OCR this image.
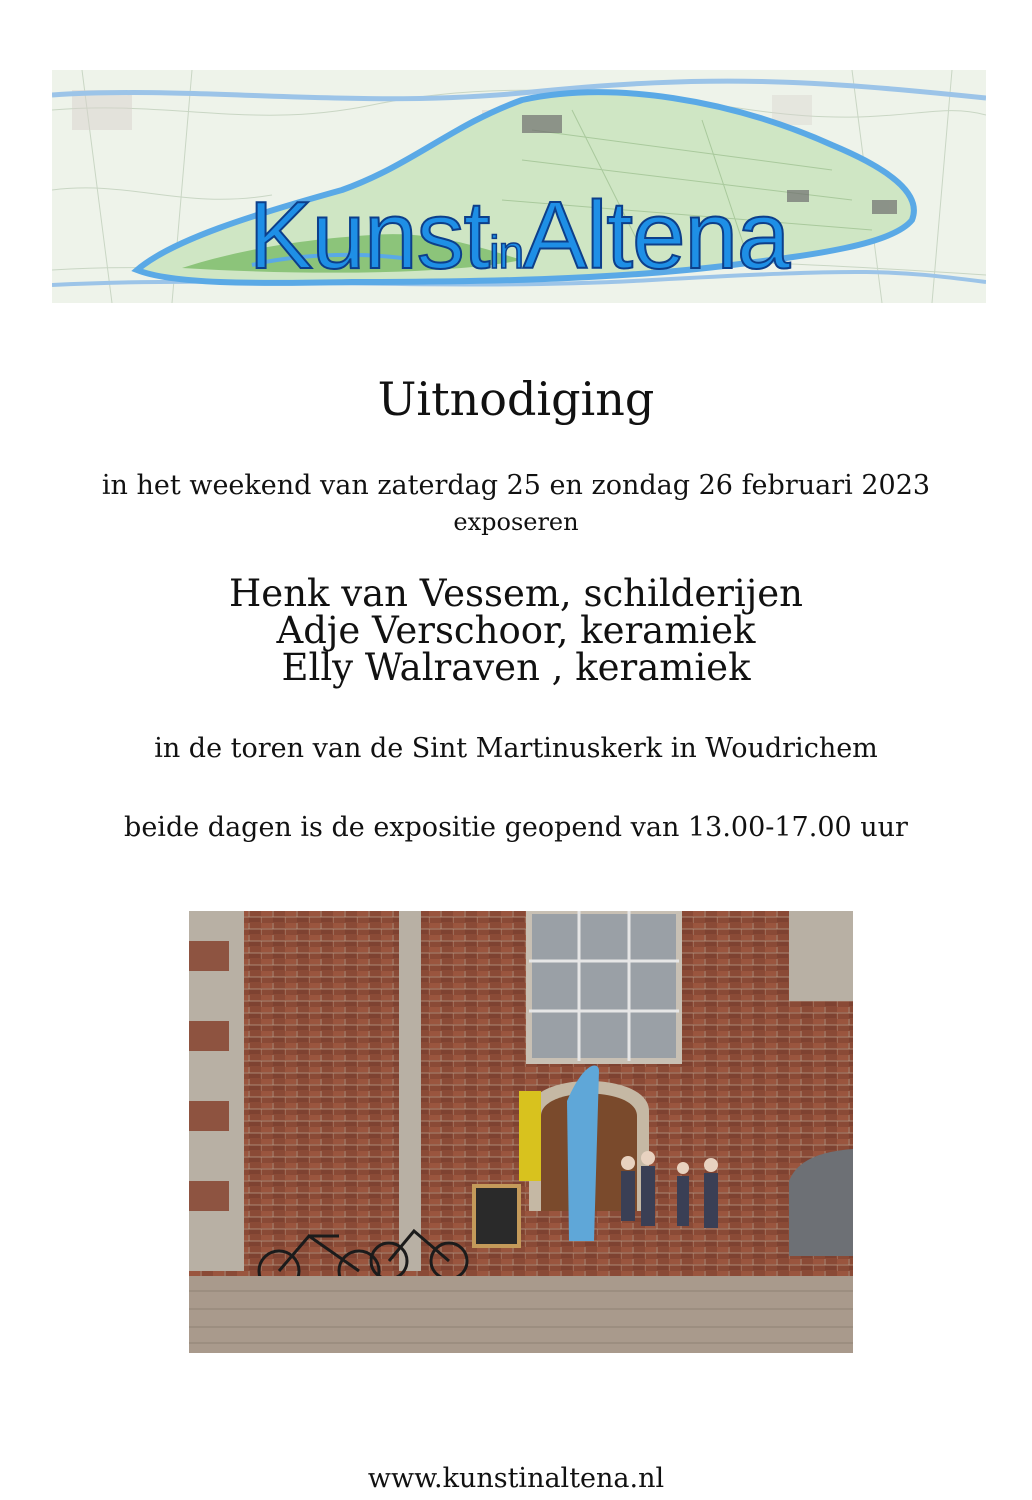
KunstinAltena
Uitnodiging
in het weekend van zaterdag 25 en zondag 26 februari 2023
exposeren
Henk van Vessem, schilderijen
Adje Verschoor, keramiek
Elly Walraven , keramiek
in de toren van de Sint Martinuskerk in Woudrichem
beide dagen is de expositie geopend van 13.00-17.00 uur
www.kunstinaltena.nl
